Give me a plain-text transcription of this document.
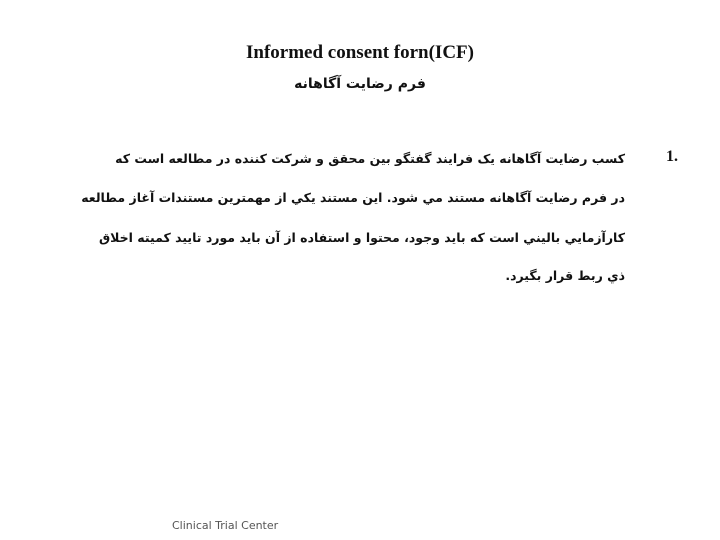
Informed consent forn(ICF)
فرم رضايت آگاهانه
1.
کسب رضايت آگاهانه يک فرايند گفتگو بين محقق و شرکت کننده در مطالعه است که
در فرم رضايت آگاهانه مستند مي شود. اين مستند يکي از مهمترين مستندات آغاز مطالعه
کارآزمايي باليني است که بايد وجود، محتوا و استفاده از آن بايد مورد تاييد کميته اخلاق
ذي ربط قرار بگيرد.
Clinical Trial Center
